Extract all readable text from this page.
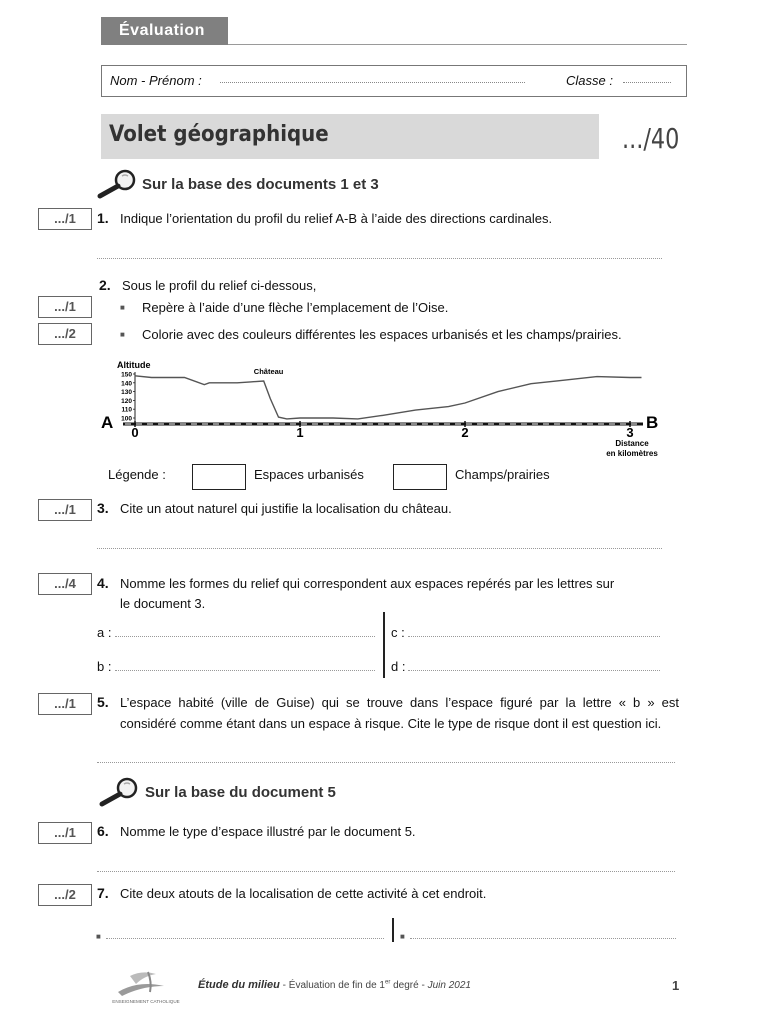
Évaluation
Nom - Prénom :	Classe :
Volet géographique	.../40
Sur la base des documents 1 et 3
.../1	1. Indique l’orientation du profil du relief A-B à l’aide des directions cardinales.
2. Sous le profil du relief ci-dessous,
.../1	■ Repère à l’aide d’une flèche l’emplacement de l’Oise.
.../2	■ Colorie avec des couleurs différentes les espaces urbanisés et les champs/prairies.
Altitude
150
140
130
120
110
100
0	1	2	3
Château
A	B
Distance
en kilomètres
Légende :	Espaces urbanisés	Champs/prairies
.../1	3. Cite un atout naturel qui justifie la localisation du château.
.../4	4. Nomme les formes du relief qui correspondent aux espaces repérés par les lettres sur
le document 3.
a :
b :
c :
d :
.../1	5. L’espace habité (ville de Guise) qui se trouve dans l’espace figuré par la lettre « b » est
considéré comme étant dans un espace à risque. Cite le type de risque dont il est question ici.
Sur la base du document 5
.../1	6. Nomme le type d’espace illustré par le document 5.
.../2	7. Cite deux atouts de la localisation de cette activité à cet endroit.
■	■
ENSEIGNEMENT CATHOLIQUE
Étude du milieu - Évaluation de fin de 1er degré - Juin 2021	1
